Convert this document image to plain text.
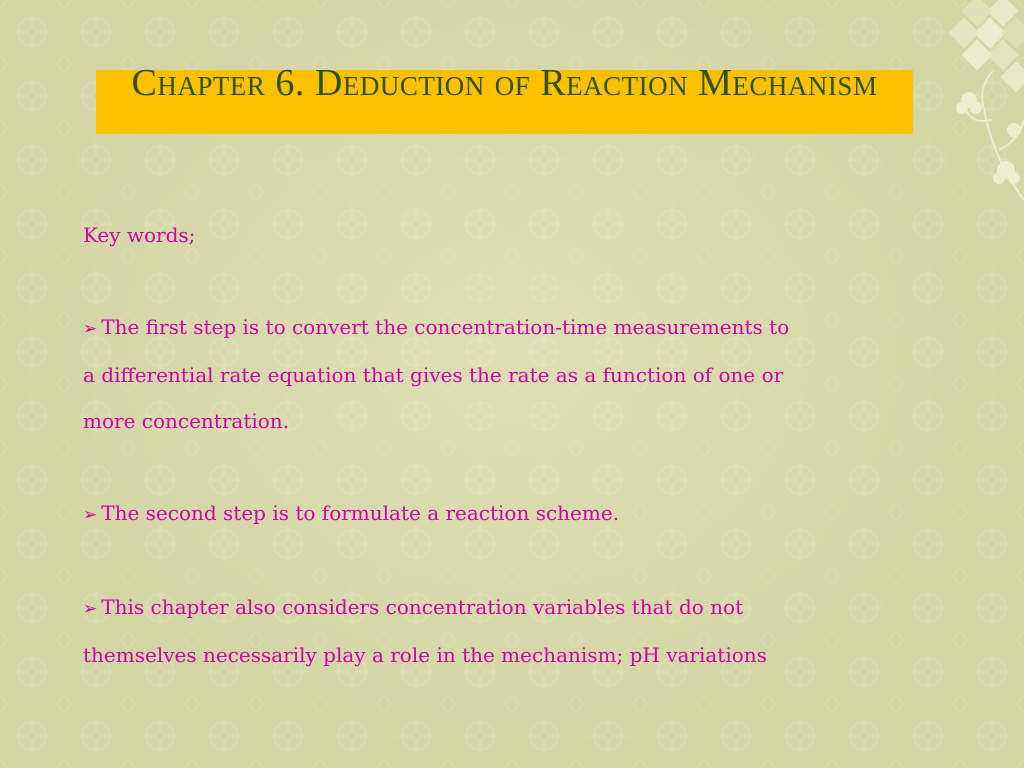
Chapter 6. Deduction of Reaction Mechanism

Key words;

➢ The first step is to convert the concentration-time measurements to
a differential rate equation that gives the rate as a function of one or
more concentration.

➢ The second step is to formulate a reaction scheme.

➢ This chapter also considers concentration variables that do not
themselves necessarily play a role in the mechanism; pH variations
